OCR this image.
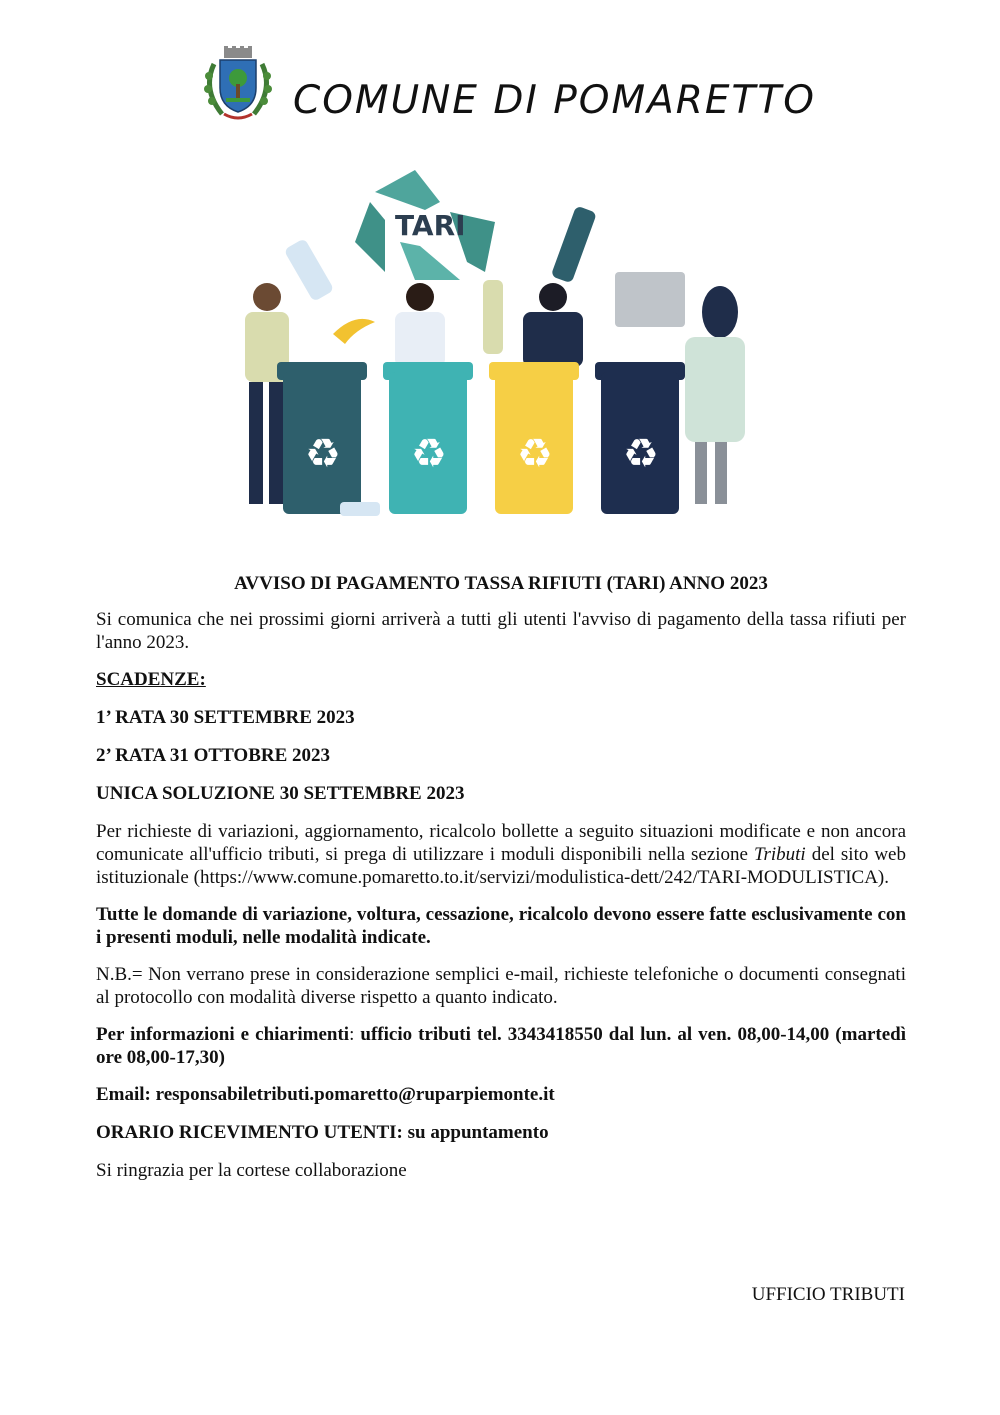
COMUNE DI POMARETTO
TARI
♻ ♻ ♻ ♻

AVVISO DI PAGAMENTO TASSA RIFIUTI (TARI) ANNO 2023

Si comunica che nei prossimi giorni arriverà a tutti gli utenti l'avviso di pagamento della tassa rifiuti per l'anno 2023.

SCADENZE:

1’ RATA 30 SETTEMBRE 2023

2’ RATA 31 OTTOBRE 2023

UNICA SOLUZIONE 30 SETTEMBRE 2023

Per richieste di variazioni, aggiornamento, ricalcolo bollette a seguito situazioni modificate e non ancora comunicate all'ufficio tributi, si prega di utilizzare i moduli disponibili nella sezione Tributi del sito web istituzionale (https://www.comune.pomaretto.to.it/servizi/modulistica-dett/242/TARI-MODULISTICA).

Tutte le domande di variazione, voltura, cessazione, ricalcolo devono essere fatte esclusivamente con i presenti moduli, nelle modalità indicate.

N.B.= Non verrano prese in considerazione semplici e-mail, richieste telefoniche o documenti consegnati al protocollo con modalità diverse rispetto a quanto indicato.

Per informazioni e chiarimenti: ufficio tributi tel. 3343418550 dal lun. al ven. 08,00-14,00 (martedì ore 08,00-17,30)

Email: responsabiletributi.pomaretto@ruparpiemonte.it

ORARIO RICEVIMENTO UTENTI: su appuntamento

Si ringrazia per la cortese collaborazione

UFFICIO TRIBUTI
